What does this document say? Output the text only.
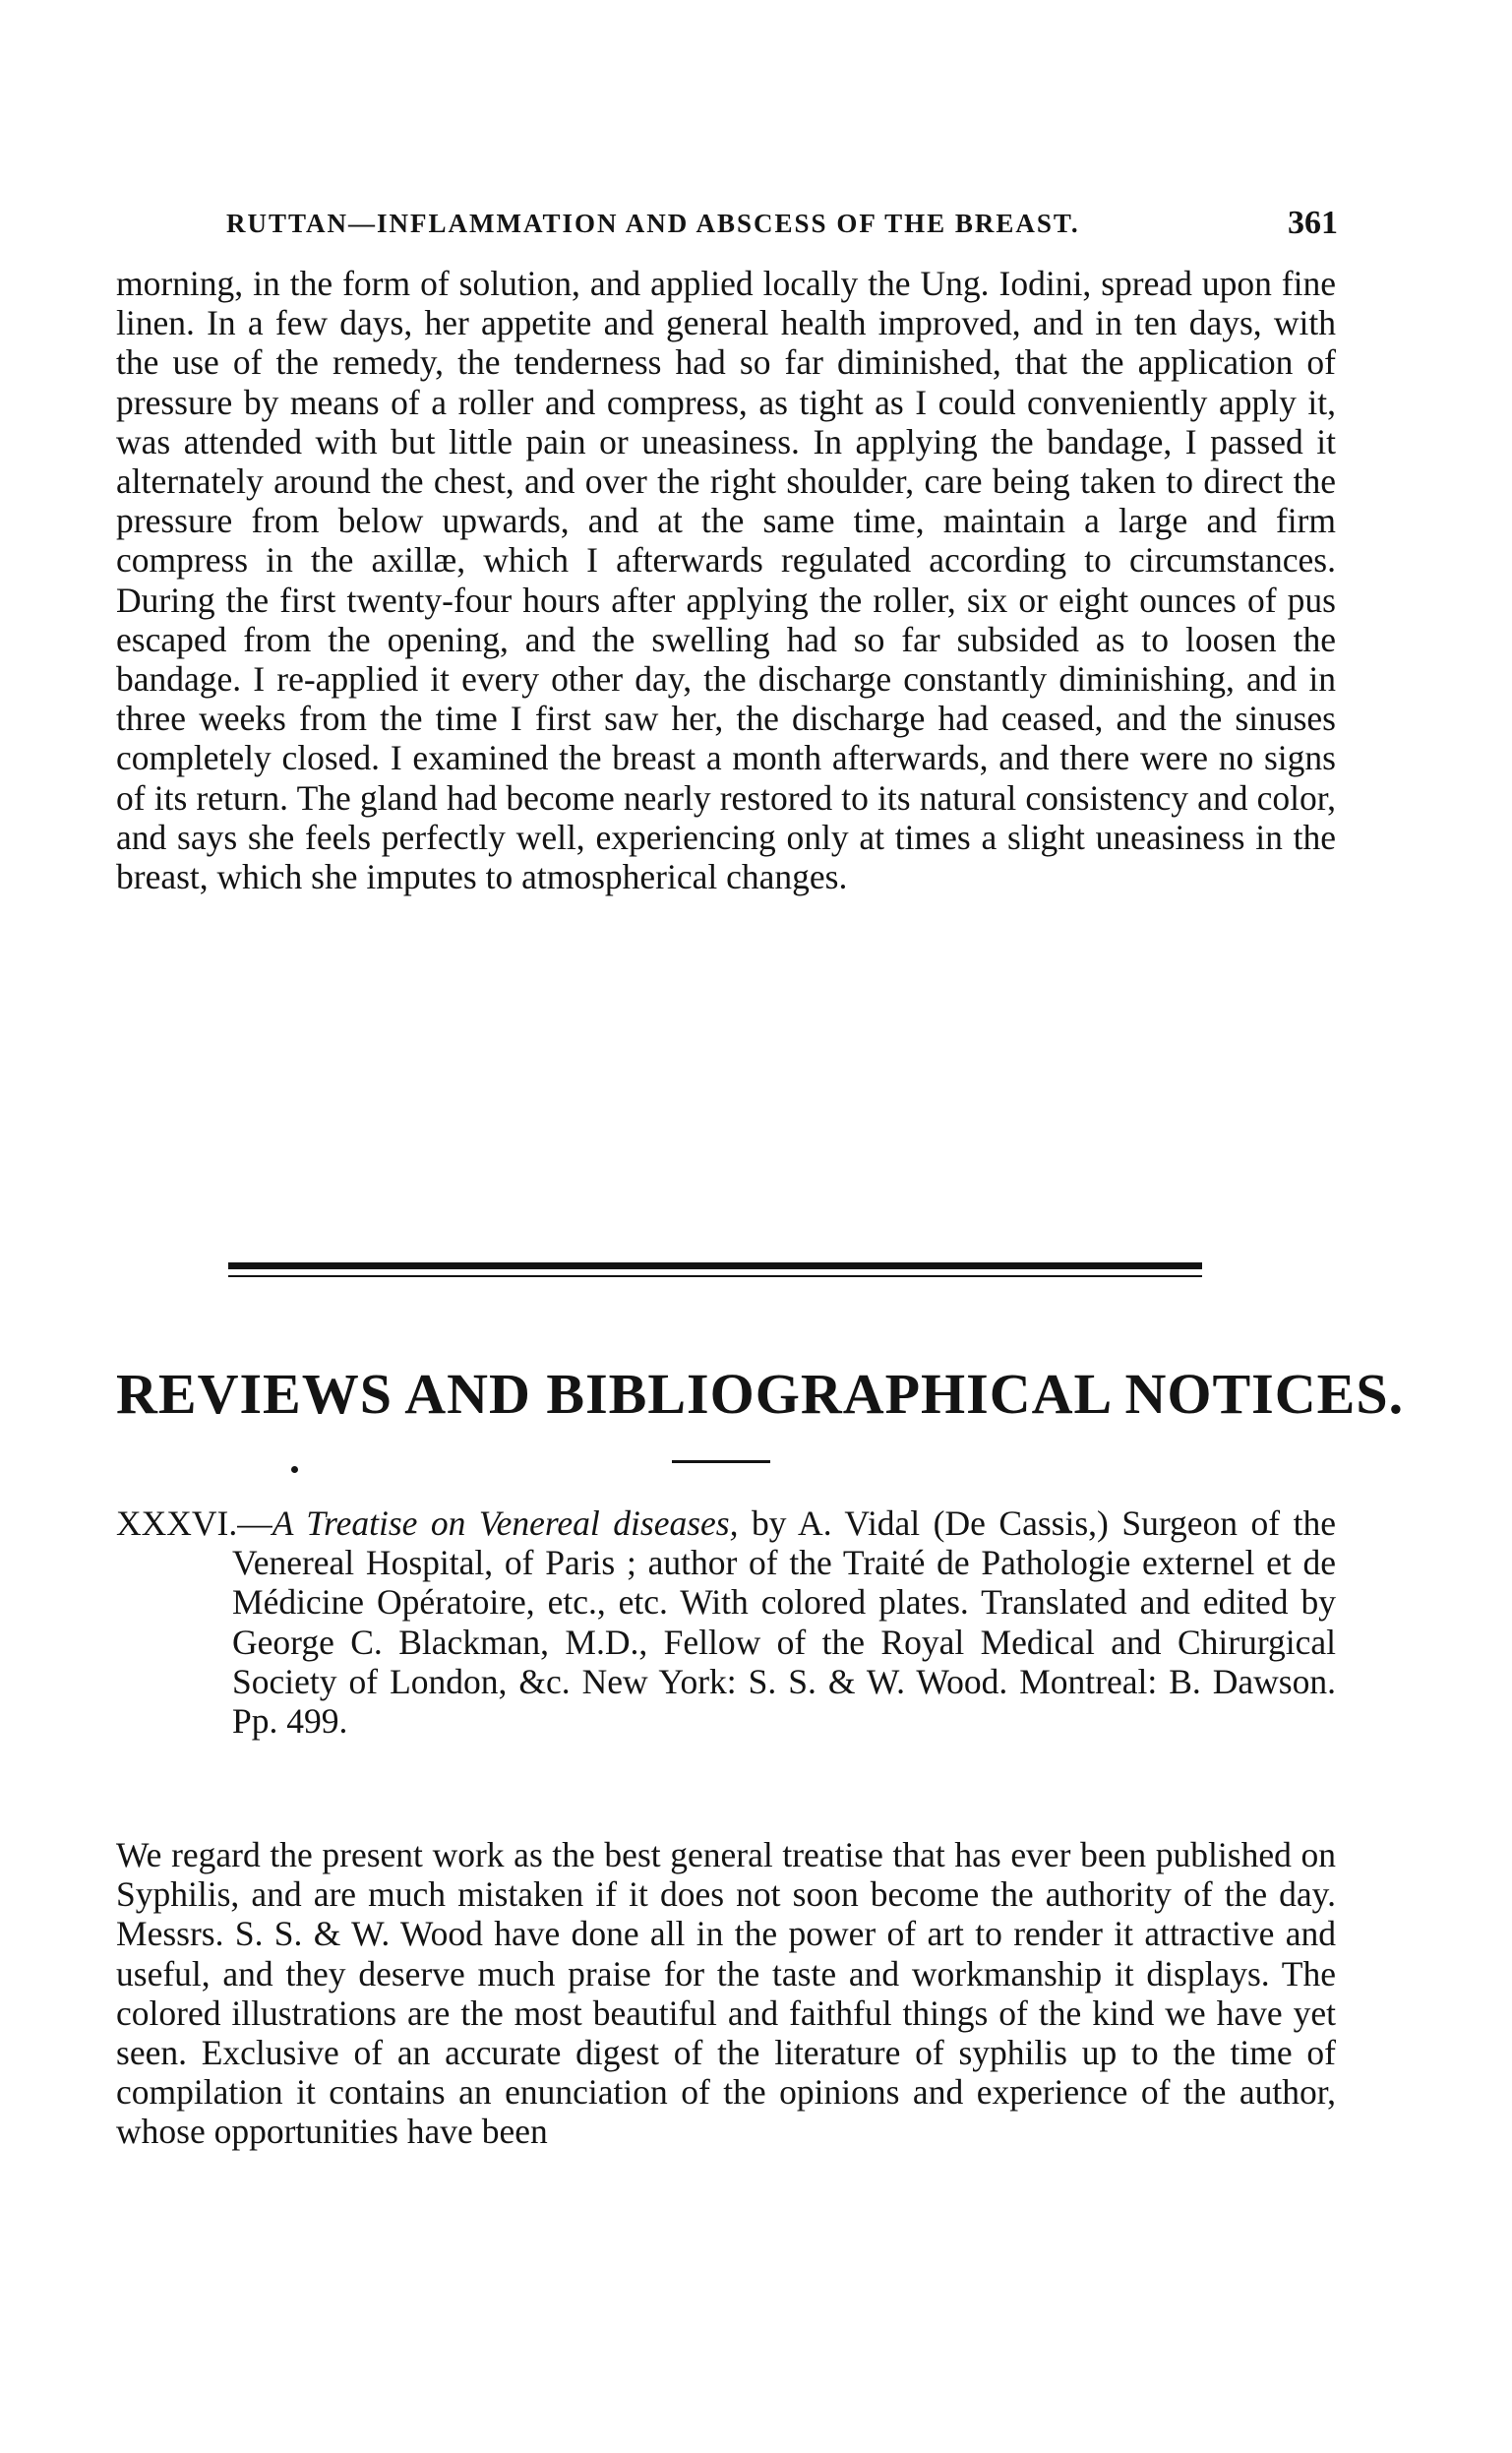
RUTTAN—INFLAMMATION AND ABSCESS OF THE BREAST.	361
morning, in the form of solution, and applied locally the Ung. Iodini, spread upon fine linen. In a few days, her appetite and general health improved, and in ten days, with the use of the remedy, the tenderness had so far diminished, that the application of pressure by means of a roller and compress, as tight as I could conveniently apply it, was attended with but little pain or uneasiness. In applying the bandage, I passed it alternately around the chest, and over the right shoulder, care being taken to direct the pressure from below upwards, and at the same time, maintain a large and firm compress in the axillæ, which I afterwards regulated according to circumstances. During the first twenty-four hours after applying the roller, six or eight ounces of pus escaped from the opening, and the swelling had so far subsided as to loosen the bandage. I re-applied it every other day, the discharge constantly diminishing, and in three weeks from the time I first saw her, the discharge had ceased, and the sinuses completely closed. I examined the breast a month afterwards, and there were no signs of its return. The gland had become nearly restored to its natural consistency and color, and says she feels perfectly well, experiencing only at times a slight uneasiness in the breast, which she imputes to atmospherical changes.
REVIEWS AND BIBLIOGRAPHICAL NOTICES.
XXXVI.—A Treatise on Venereal diseases, by A. Vidal (De Cassis,) Surgeon of the Venereal Hospital, of Paris ; author of the Traité de Pathologie externel et de Médicine Opératoire, etc., etc. With colored plates. Translated and edited by George C. Blackman, M.D., Fellow of the Royal Medical and Chirurgical Society of London, &c. New York: S. S. & W. Wood. Montreal: B. Dawson. Pp. 499.
We regard the present work as the best general treatise that has ever been published on Syphilis, and are much mistaken if it does not soon become the authority of the day. Messrs. S. S. & W. Wood have done all in the power of art to render it attractive and useful, and they deserve much praise for the taste and workmanship it displays. The colored illustrations are the most beautiful and faithful things of the kind we have yet seen. Exclusive of an accurate digest of the literature of syphilis up to the time of compilation it contains an enunciation of the opinions and experience of the author, whose opportunities have been
